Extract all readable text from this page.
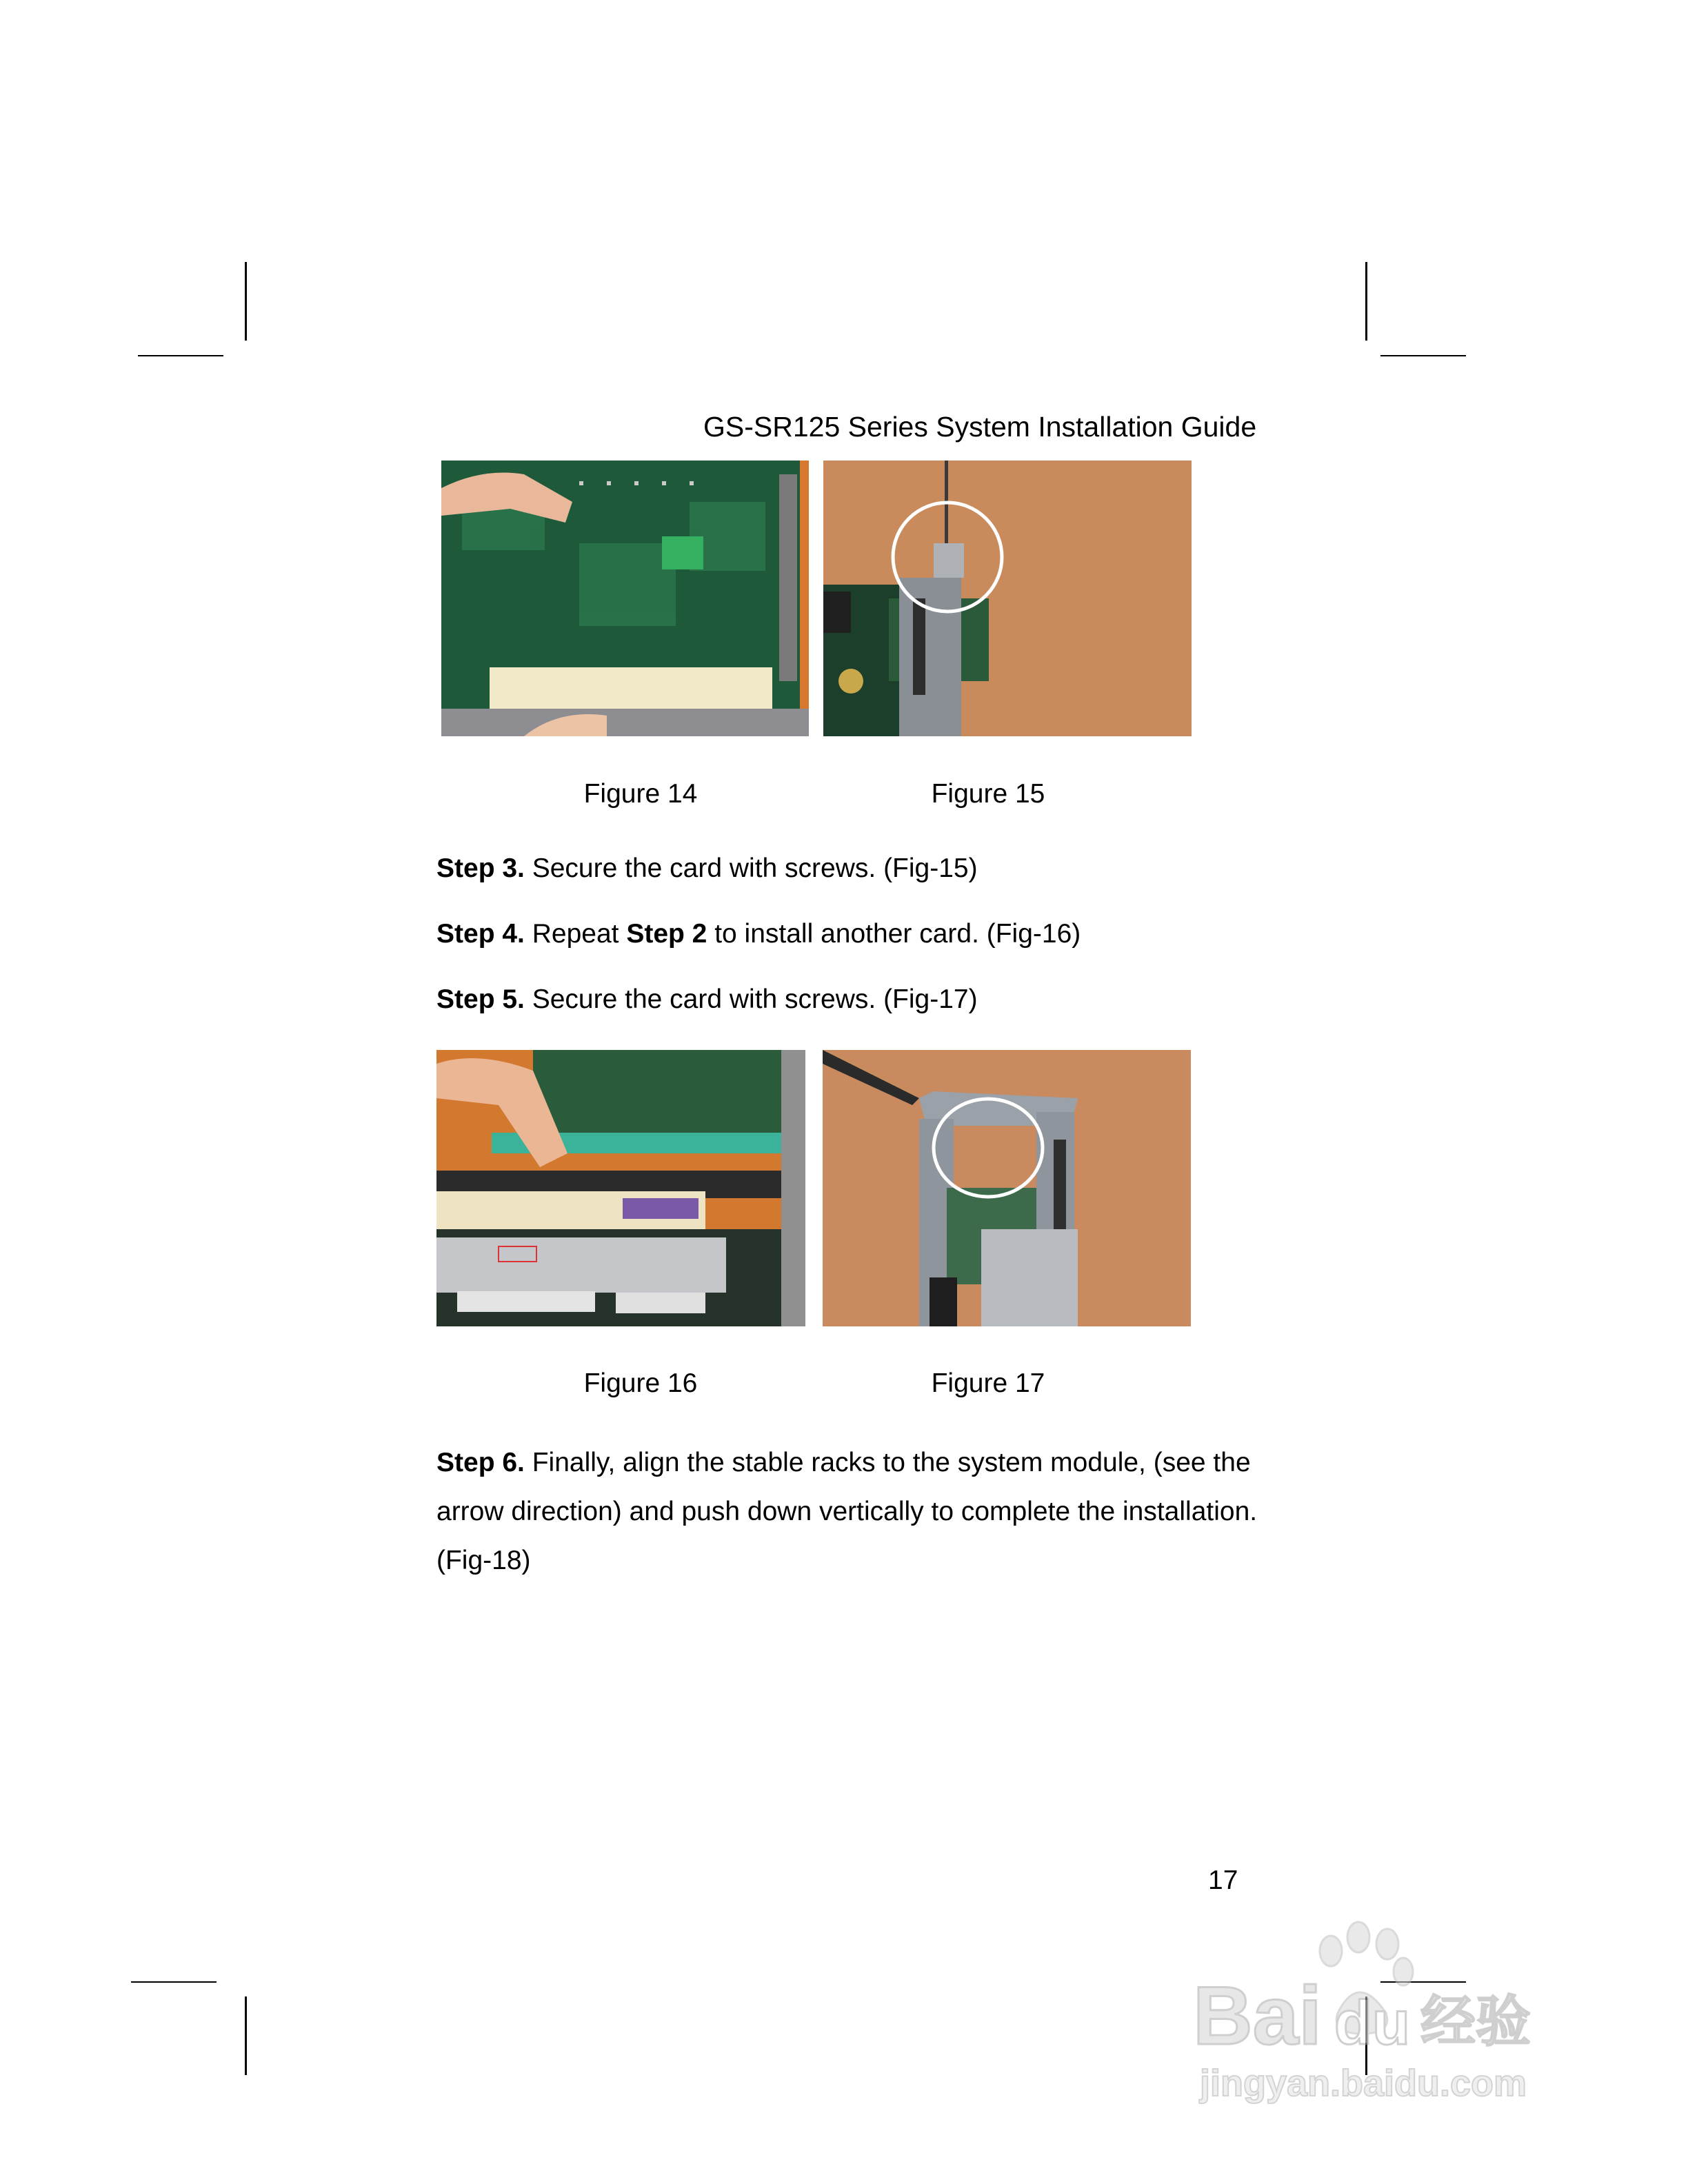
GS-SR125 Series System Installation Guide
Figure 14	Figure 15
Step 3. Secure the card with screws. (Fig-15)
Step 4. Repeat Step 2 to install another card. (Fig-16)
Step 5. Secure the card with screws. (Fig-17)
Figure 16	Figure 17
Step 6. Finally, align the stable racks to the system module, (see the arrow direction) and push down vertically to complete the installation. (Fig-18)
17
Bai du 经验
jingyan.baidu.com
